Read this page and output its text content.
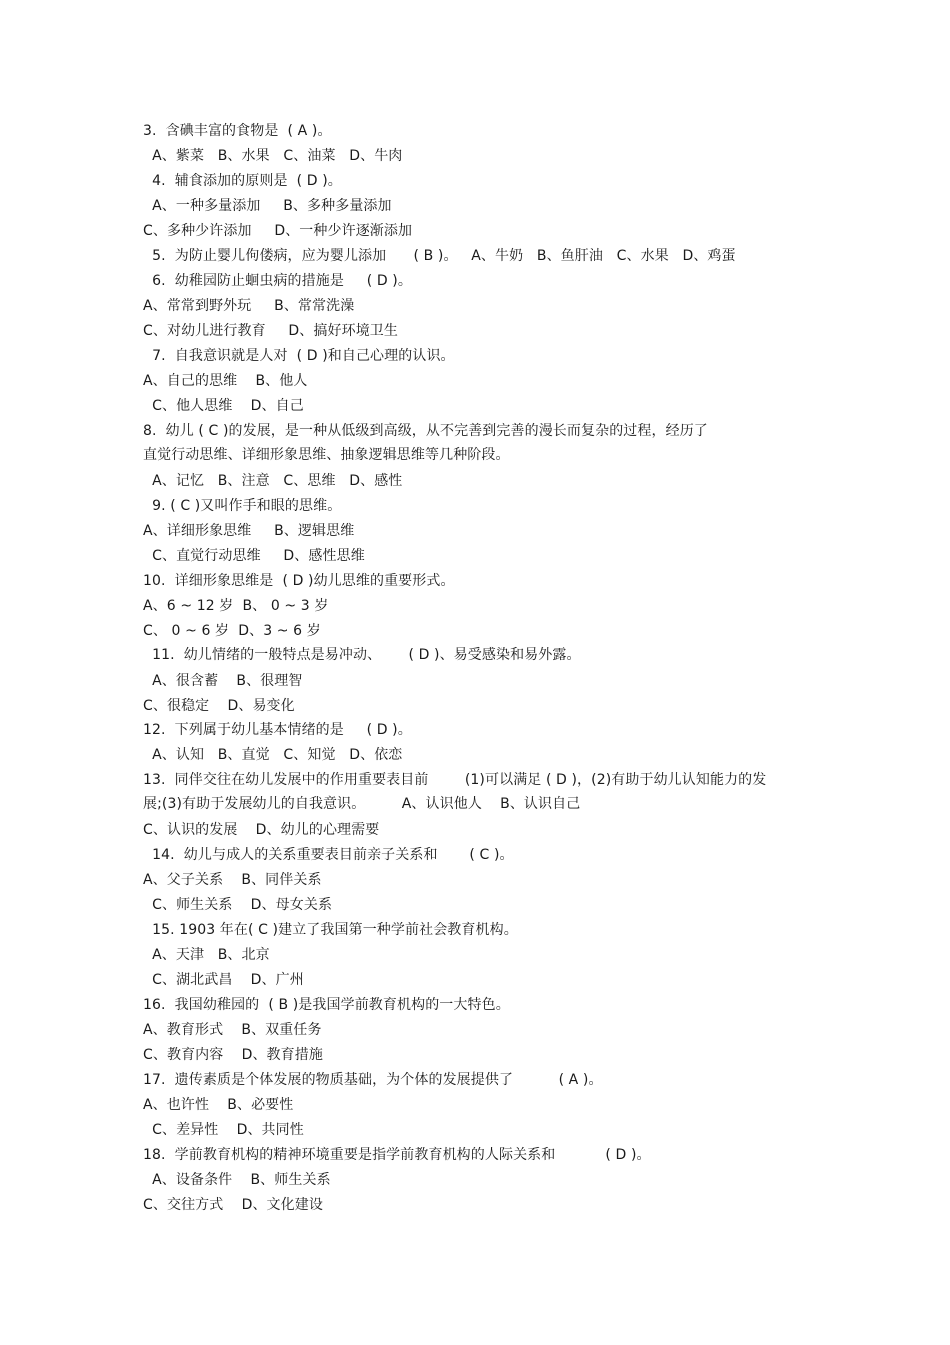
3.  含碘丰富的食物是  ( A )。
A、紫菜   B、水果   C、油菜   D、牛肉
4.  辅食添加的原则是  ( D )。
A、一种多量添加     B、多种多量添加
C、多种少许添加     D、一种少许逐渐添加
5.  为防止婴儿佝偻病，应为婴儿添加      ( B )。   A、牛奶   B、鱼肝油   C、水果   D、鸡蛋
6.  幼稚园防止蛔虫病的措施是     ( D )。
A、常常到野外玩     B、常常洗澡
C、对幼儿进行教育     D、搞好环境卫生
7.  自我意识就是人对  ( D )和自己心理的认识。
A、自己的思维    B、他人
C、他人思维    D、自己
8.  幼儿 ( C )的发展，是一种从低级到高级，从不完善到完善的漫长而复杂的过程，经历了
直觉行动思维、详细形象思维、抽象逻辑思维等几种阶段。
A、记忆   B、注意   C、思维   D、感性
9. ( C )又叫作手和眼的思维。
A、详细形象思维     B、逻辑思维
C、直觉行动思维     D、感性思维
10.  详细形象思维是  ( D )幼儿思维的重要形式。
A、6 ~ 12 岁  B、 0 ~ 3 岁
C、 0 ~ 6 岁  D、3 ~ 6 岁
11.  幼儿情绪的一般特点是易冲动、      ( D )、易受感染和易外露。
A、很含蓄    B、很理智
C、很稳定    D、易变化
12.  下列属于幼儿基本情绪的是     ( D )。
A、认知   B、直觉   C、知觉   D、依恋
13.  同伴交往在幼儿发展中的作用重要表目前        (1)可以满足 ( D )，(2)有助于幼儿认知能力的发
展;(3)有助于发展幼儿的自我意识。        A、认识他人    B、认识自己
C、认识的发展    D、幼儿的心理需要
14.  幼儿与成人的关系重要表目前亲子关系和       ( C )。
A、父子关系    B、同伴关系
C、师生关系    D、母女关系
15. 1903 年在( C )建立了我国第一种学前社会教育机构。
A、天津   B、北京
C、湖北武昌    D、广州
16.  我国幼稚园的  ( B )是我国学前教育机构的一大特色。
A、教育形式    B、双重任务
C、教育内容    D、教育措施
17.  遗传素质是个体发展的物质基础，为个体的发展提供了          ( A )。
A、也许性    B、必要性
C、差异性    D、共同性
18.  学前教育机构的精神环境重要是指学前教育机构的人际关系和           ( D )。
A、设备条件    B、师生关系
C、交往方式    D、文化建设
